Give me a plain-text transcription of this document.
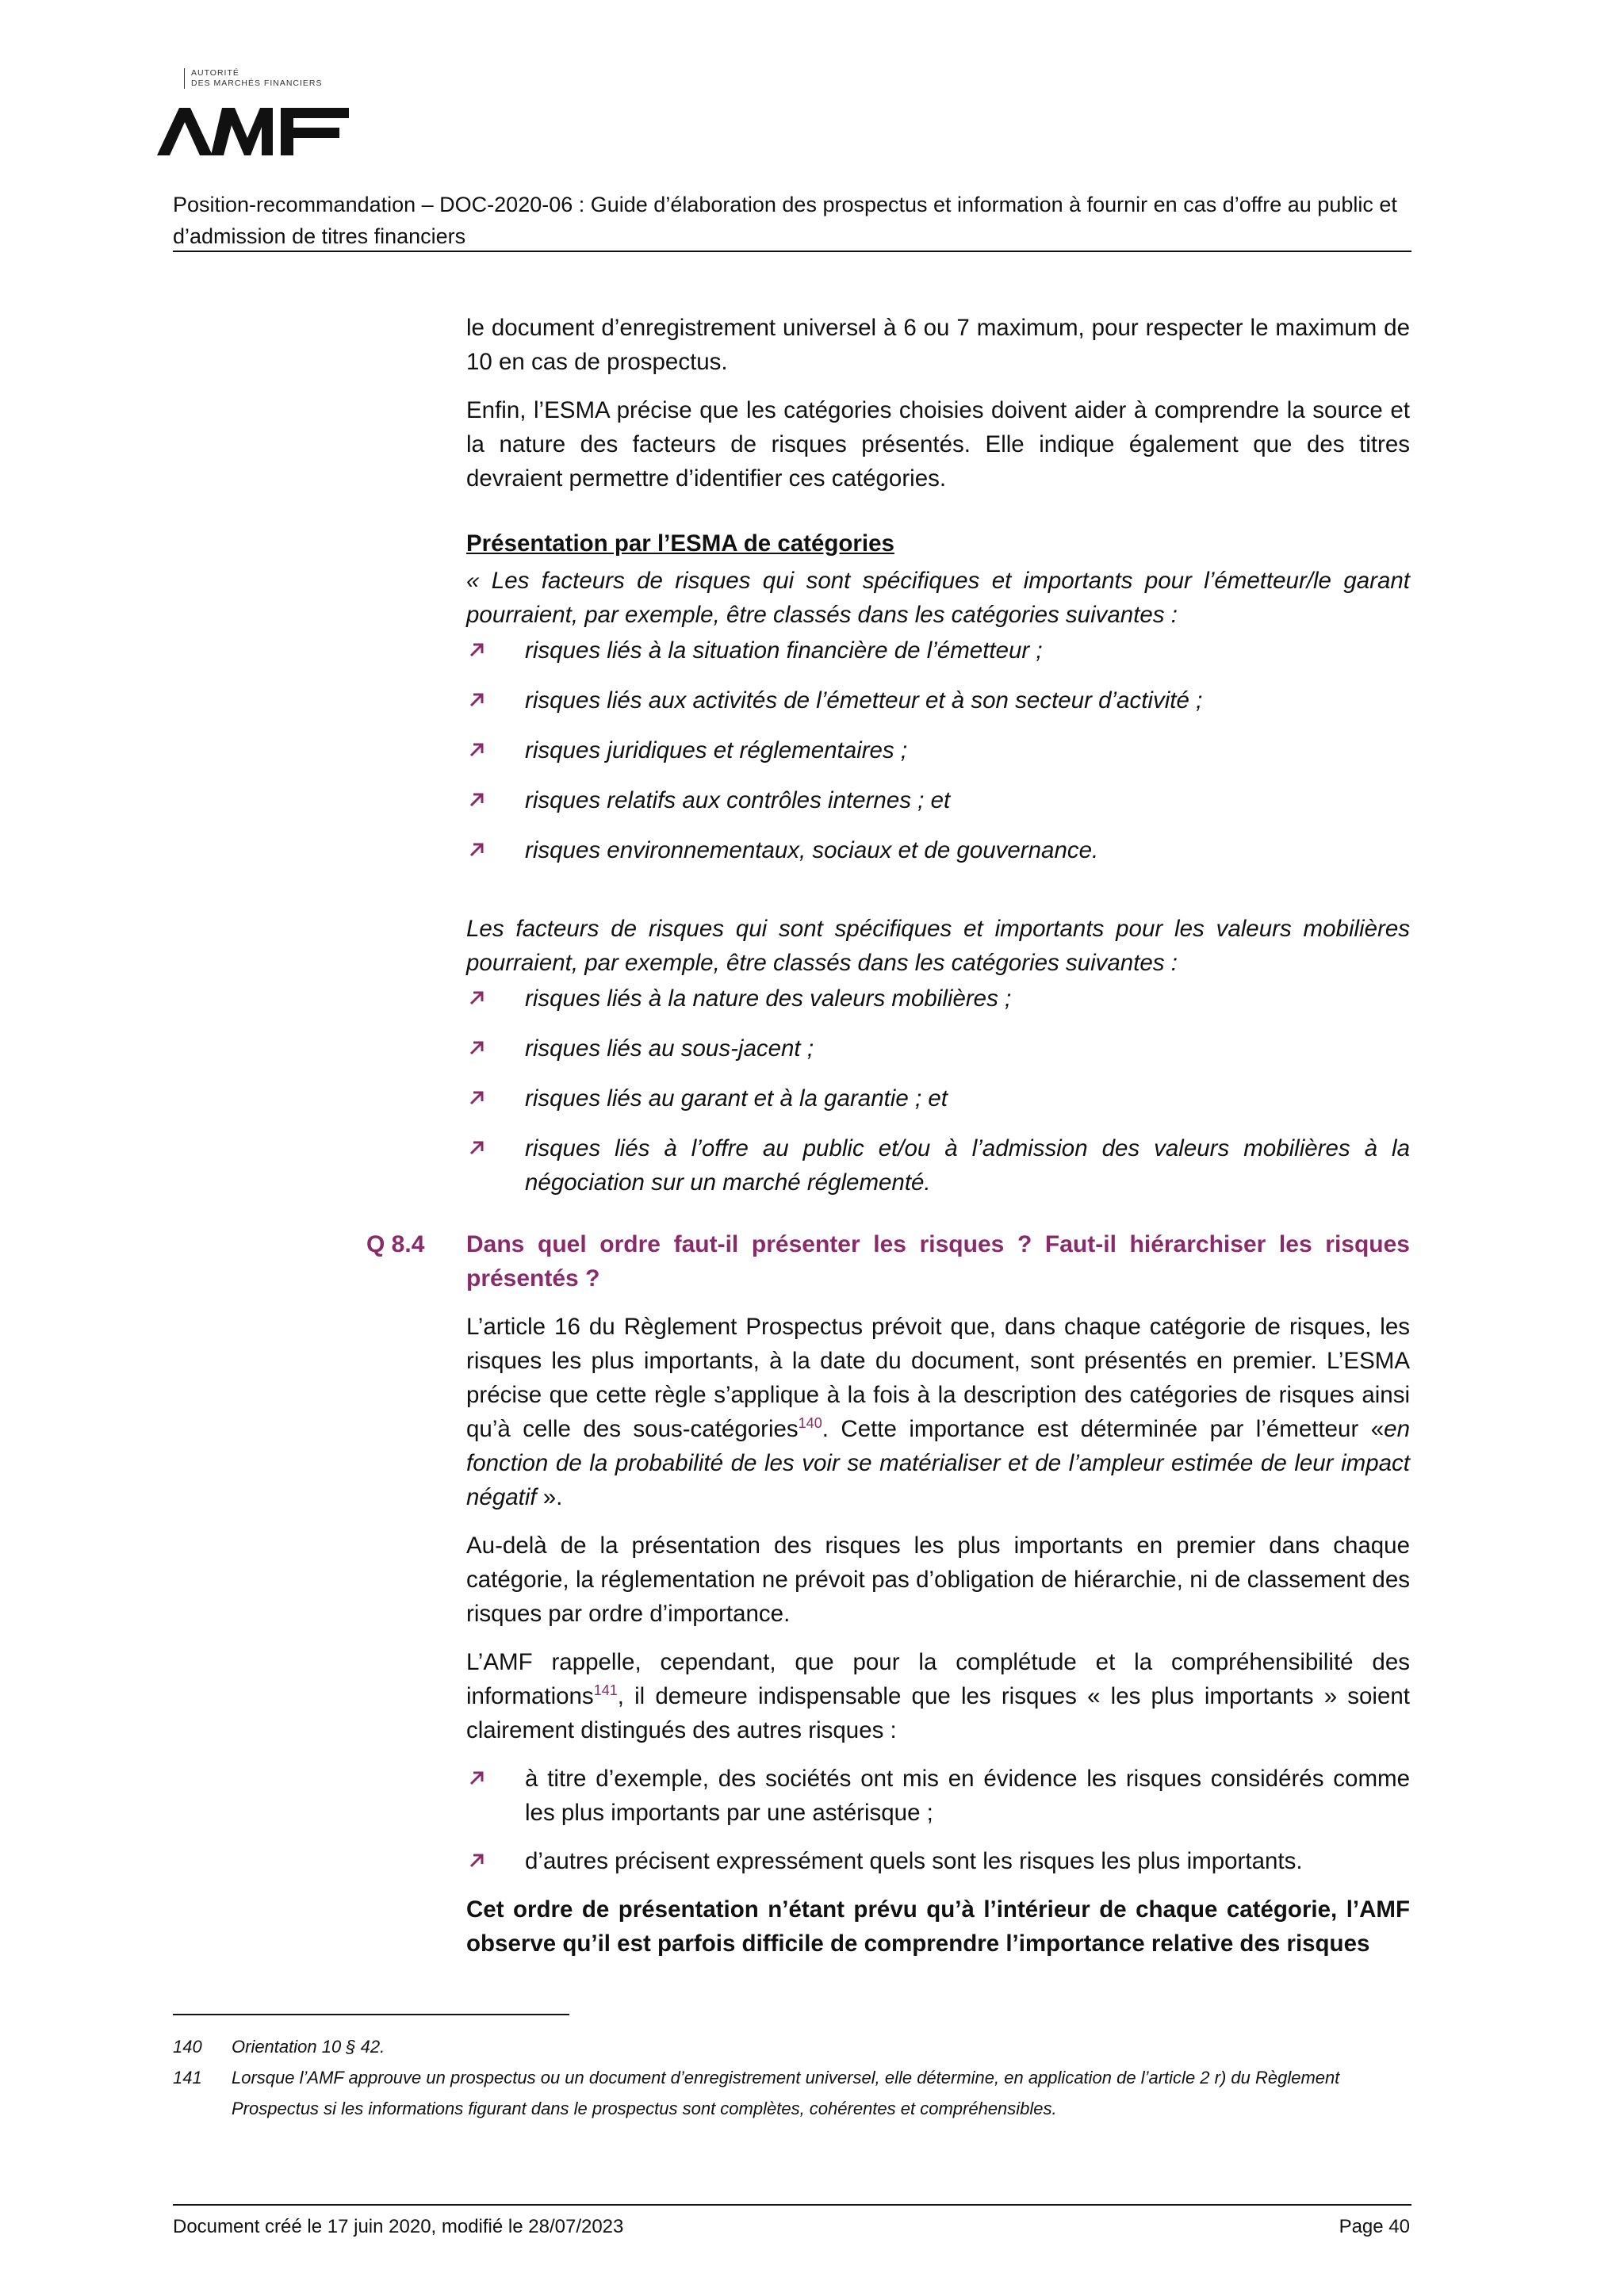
AUTORITÉ
DES MARCHÉS FINANCIERS
Position-recommandation – DOC-2020-06 : Guide d’élaboration des prospectus et information à fournir en cas d’offre au public et d’admission de titres financiers

le document d’enregistrement universel à 6 ou 7 maximum, pour respecter le maximum de 10 en cas de prospectus.

Enfin, l’ESMA précise que les catégories choisies doivent aider à comprendre la source et la nature des facteurs de risques présentés. Elle indique également que des titres devraient permettre d’identifier ces catégories.

Présentation par l’ESMA de catégories
« Les facteurs de risques qui sont spécifiques et importants pour l’émetteur/le garant pourraient, par exemple, être classés dans les catégories suivantes :
risques liés à la situation financière de l’émetteur ;
risques liés aux activités de l’émetteur et à son secteur d’activité ;
risques juridiques et réglementaires ;
risques relatifs aux contrôles internes ; et
risques environnementaux, sociaux et de gouvernance.
Les facteurs de risques qui sont spécifiques et importants pour les valeurs mobilières pourraient, par exemple, être classés dans les catégories suivantes :
risques liés à la nature des valeurs mobilières ;
risques liés au sous-jacent ;
risques liés au garant et à la garantie ; et
risques liés à l’offre au public et/ou à l’admission des valeurs mobilières à la négociation sur un marché réglementé.
Q 8.4 Dans quel ordre faut-il présenter les risques ? Faut-il hiérarchiser les risques présentés ?

L’article 16 du Règlement Prospectus prévoit que, dans chaque catégorie de risques, les risques les plus importants, à la date du document, sont présentés en premier. L’ESMA précise que cette règle s’applique à la fois à la description des catégories de risques ainsi qu’à celle des sous-catégories$^{140}$. Cette importance est déterminée par l’émetteur «en fonction de la probabilité de les voir se matérialiser et de l’ampleur estimée de leur impact négatif ».

Au-delà de la présentation des risques les plus importants en premier dans chaque catégorie, la réglementation ne prévoit pas d’obligation de hiérarchie, ni de classement des risques par ordre d’importance.

L’AMF rappelle, cependant, que pour la complétude et la compréhensibilité des informations$^{141}$, il demeure indispensable que les risques « les plus importants » soient clairement distingués des autres risques :

à titre d’exemple, des sociétés ont mis en évidence les risques considérés comme les plus importants par une astérisque ;
d’autres précisent expressément quels sont les risques les plus importants.

Cet ordre de présentation n’étant prévu qu’à l’intérieur de chaque catégorie, l’AMF observe qu’il est parfois difficile de comprendre l’importance relative des risques

140 Orientation 10 § 42.
141 Lorsque l’AMF approuve un prospectus ou un document d’enregistrement universel, elle détermine, en application de l’article 2 r) du Règlement Prospectus si les informations figurant dans le prospectus sont complètes, cohérentes et compréhensibles.
Document créé le 17 juin 2020, modifié le 28/07/2023	Page 40
